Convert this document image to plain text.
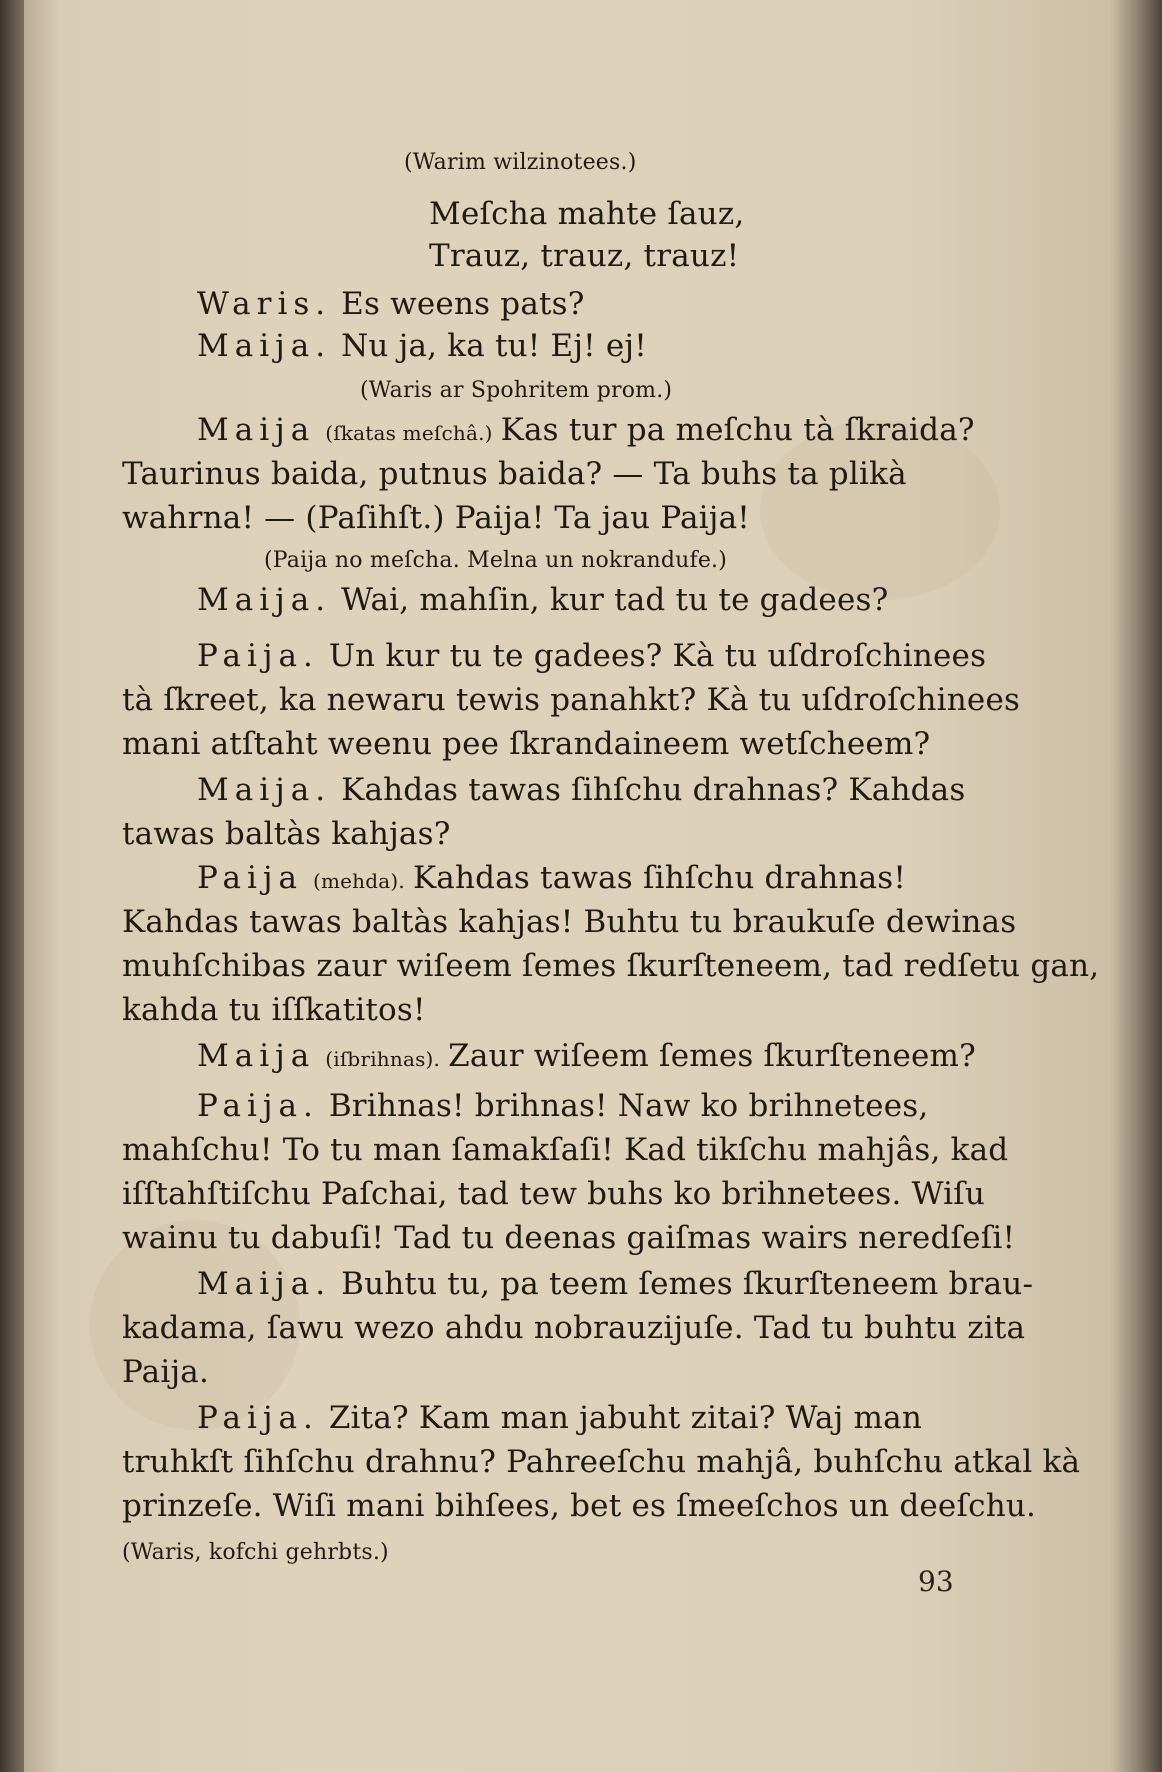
(Warim wilzinotees.)
Meſcha mahte ſauz,
Trauz, trauz, trauz!
Waris. Es weens pats?
Maija. Nu ja, ka tu! Ej! ej!
(Waris ar Spohritem prom.)
Maija (ſkatas meſchâ.) Kas tur pa meſchu tà ſkraida?
Taurinus baida, putnus baida? — Ta buhs ta plikà
wahrna! — (Paſihſt.) Paija! Ta jau Paija!
(Paija no meſcha. Melna un nokrandufe.)
Maija. Wai, mahſin, kur tad tu te gadees?
Paija. Un kur tu te gadees? Kà tu uſdroſchinees
tà ſkreet, ka newaru tewis panahkt? Kà tu uſdroſchinees
mani atſtaht weenu pee ſkrandaineem wetſcheem?
Maija. Kahdas tawas ſihſchu drahnas? Kahdas
tawas baltàs kahjas?
Paija (mehda). Kahdas tawas ſihſchu drahnas!
Kahdas tawas baltàs kahjas! Buhtu tu braukuſe dewinas
muhſchibas zaur wiſeem ſemes ſkurſteneem, tad redſetu gan,
kahda tu iſſkatitos!
Maija (iſbrihnas). Zaur wiſeem ſemes ſkurſteneem?
Paija. Brihnas! brihnas! Naw ko brihnetees,
mahſchu! To tu man ſamakſaſi! Kad tikſchu mahjâs, kad
iſſtahſtiſchu Paſchai, tad tew buhs ko brihnetees. Wiſu
wainu tu dabuſi! Tad tu deenas gaiſmas wairs neredſeſi!
Maija. Buhtu tu, pa teem ſemes ſkurſteneem brau-
kadama, ſawu wezo ahdu nobrauzijuſe. Tad tu buhtu zita
Paija.
Paija. Zita? Kam man jabuht zitai? Waj man
truhkſt ſihſchu drahnu? Pahreeſchu mahjâ, buhſchu atkal kà
prinzeſe. Wiſi mani bihſees, bet es ſmeeſchos un deeſchu.
(Waris, kofchi gehrbts.)
93
